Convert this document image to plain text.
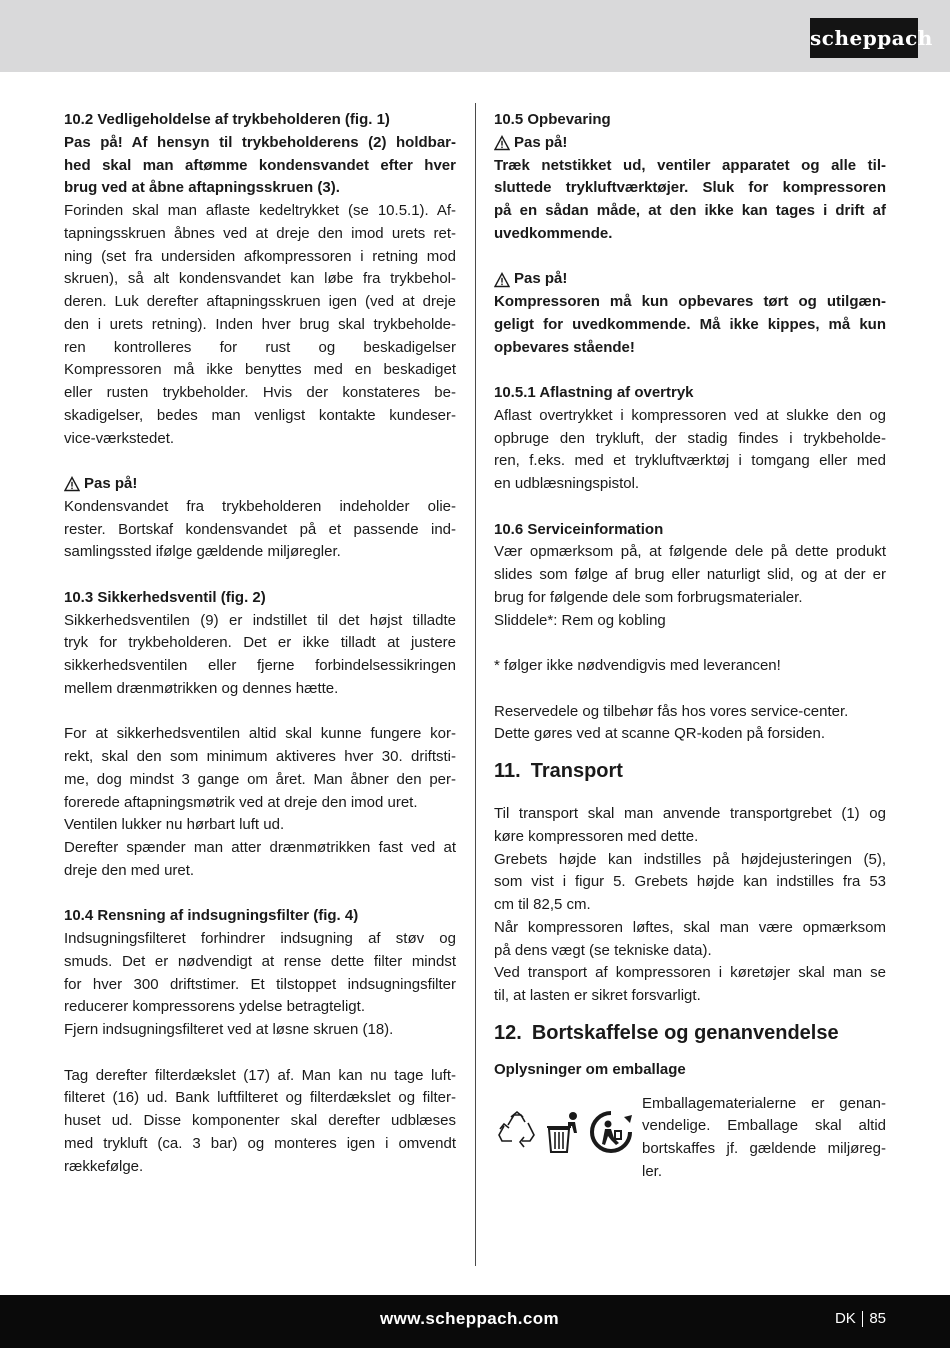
scheppach

10.2 Vedligeholdelse af trykbeholderen (fig. 1)

Pas på! Af hensyn til trykbeholderens (2) holdbar-
hed skal man aftømme kondensvandet efter hver
brug ved at åbne aftapningsskruen (3).
Forinden skal man aflaste kedeltrykket (se 10.5.1). Af-
tapningsskruen åbnes ved at dreje den imod urets ret-
ning (set fra undersiden afkompressoren i retning mod
skruen), så alt kondensvandet kan løbe fra trykbehol-
deren. Luk derefter aftapningsskruen igen (ved at dreje
den i urets retning). Inden hver brug skal trykbeholde-
ren kontrolleres for rust og beskadigelser
Kompressoren må ikke benyttes med en beskadiget
eller rusten trykbeholder. Hvis der konstateres be-
skadigelser, bedes man venligst kontakte kundeser-
vice-værkstedet.
Pas på!
Kondensvandet fra trykbeholderen indeholder olie-
rester. Bortskaf kondensvandet på et passende ind-
samlingssted ifølge gældende miljøregler.

10.3 Sikkerhedsventil (fig. 2)

Sikkerhedsventilen (9) er indstillet til det højst tilladte
tryk for trykbeholderen. Det er ikke tilladt at justere
sikkerhedsventilen eller fjerne forbindelsessikringen
mellem drænmøtrikken og dennes hætte.
For at sikkerhedsventilen altid skal kunne fungere kor-
rekt, skal den som minimum aktiveres hver 30. driftsti-
me, dog mindst 3 gange om året. Man åbner den per-
forerede aftapningsmøtrik ved at dreje den imod uret.
Ventilen lukker nu hørbart luft ud.
Derefter spænder man atter drænmøtrikken fast ved at
dreje den med uret.

10.4 Rensning af indsugningsfilter (fig. 4)

Indsugningsfilteret forhindrer indsugning af støv og
smuds. Det er nødvendigt at rense dette filter mindst
for hver 300 driftstimer. Et tilstoppet indsugningsfilter
reducerer kompressorens ydelse betragteligt.
Fjern indsugningsfilteret ved at løsne skruen (18).
Tag derefter filterdækslet (17) af. Man kan nu tage luft-
filteret (16) ud. Bank luftfilteret og filterdækslet og filter-
huset ud. Disse komponenter skal derefter udblæses
med trykluft (ca. 3 bar) og monteres igen i omvendt
rækkefølge.

10.5 Opbevaring

Pas på!
Træk netstikket ud, ventiler apparatet og alle til-
sluttede trykluftværktøjer. Sluk for kompressoren
på en sådan måde, at den ikke kan tages i drift af
uvedkommende.
Pas på!
Kompressoren må kun opbevares tørt og utilgæn-
geligt for uvedkommende. Må ikke kippes, må kun
opbevares stående!

10.5.1 Aflastning af overtryk

Aflast overtrykket i kompressoren ved at slukke den og
opbruge den trykluft, der stadig findes i trykbeholde-
ren, f.eks. med et trykluftværktøj i tomgang eller med
en udblæsningspistol.

10.6 Serviceinformation

Vær opmærksom på, at følgende dele på dette produkt
slides som følge af brug eller naturligt slid, og at der er
brug for følgende dele som forbrugsmaterialer.
Sliddele*: Rem og kobling

* følger ikke nødvendigvis med leverancen!

Reservedele og tilbehør fås hos vores service-center.
Dette gøres ved at scanne QR-koden på forsiden.
11. Transport
Til transport skal man anvende transportgrebet (1) og
køre kompressoren med dette.
Grebets højde kan indstilles på højdejusteringen (5),
som vist i figur 5. Grebets højde kan indstilles fra 53
cm til 82,5 cm.
Når kompressoren løftes, skal man være opmærksom
på dens vægt (se tekniske data).
Ved transport af kompressoren i køretøjer skal man se
til, at lasten er sikret forsvarligt.
12. Bortskaffelse og genanvendelse

Oplysninger om emballage

Emballagematerialerne er genan-
vendelige. Emballage skal altid
bortskaffes jf. gældende miljøreg-
ler.
www.scheppach.com	DK 85
